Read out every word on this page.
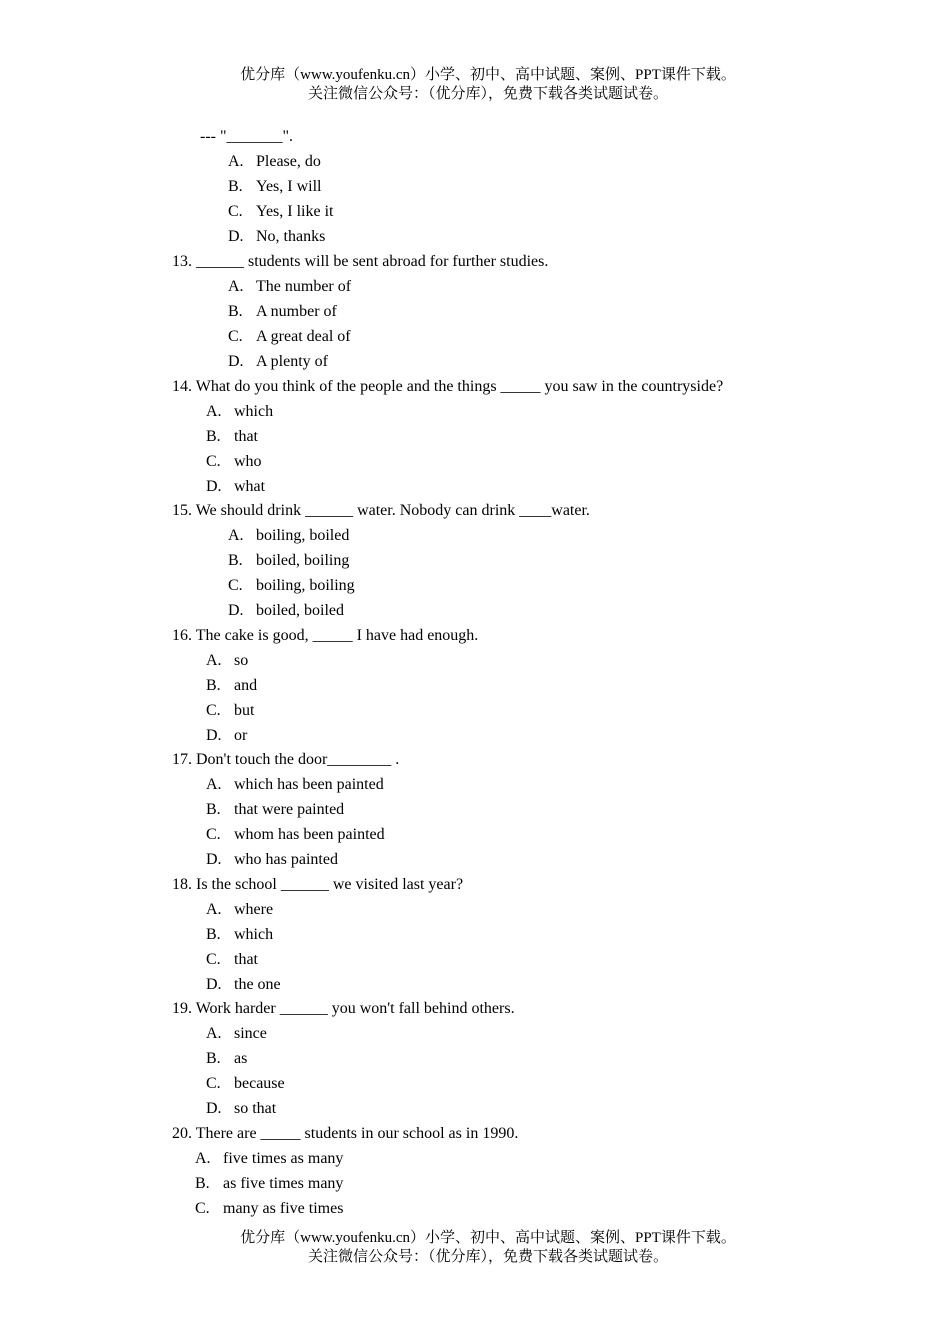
优分库（www.youfenku.cn）小学、初中、高中试题、案例、PPT课件下载。
关注微信公众号：（优分库），免费下载各类试题试卷。
--- "_______".
A. Please, do
B. Yes, I will
C. Yes, I like it
D. No, thanks
13. ______ students will be sent abroad for further studies.
A. The number of
B. A number of
C. A great deal of
D. A plenty of
14. What do you think of the people and the things _____ you saw in the countryside?
A. which
B. that
C. who
D. what
15. We should drink ______ water. Nobody can drink ____water.
A. boiling, boiled
B. boiled, boiling
C. boiling, boiling
D. boiled, boiled
16. The cake is good, _____ I have had enough.
A. so
B. and
C. but
D. or
17. Don't touch the door________ .
A. which has been painted
B. that were painted
C. whom has been painted
D. who has painted
18. Is the school ______ we visited last year?
A. where
B. which
C. that
D. the one
19. Work harder ______ you won't fall behind others.
A. since
B. as
C. because
D. so that
20. There are _____ students in our school as in 1990.
A. five times as many
B. as five times many
C. many as five times
优分库（www.youfenku.cn）小学、初中、高中试题、案例、PPT课件下载。
关注微信公众号：（优分库），免费下载各类试题试卷。
